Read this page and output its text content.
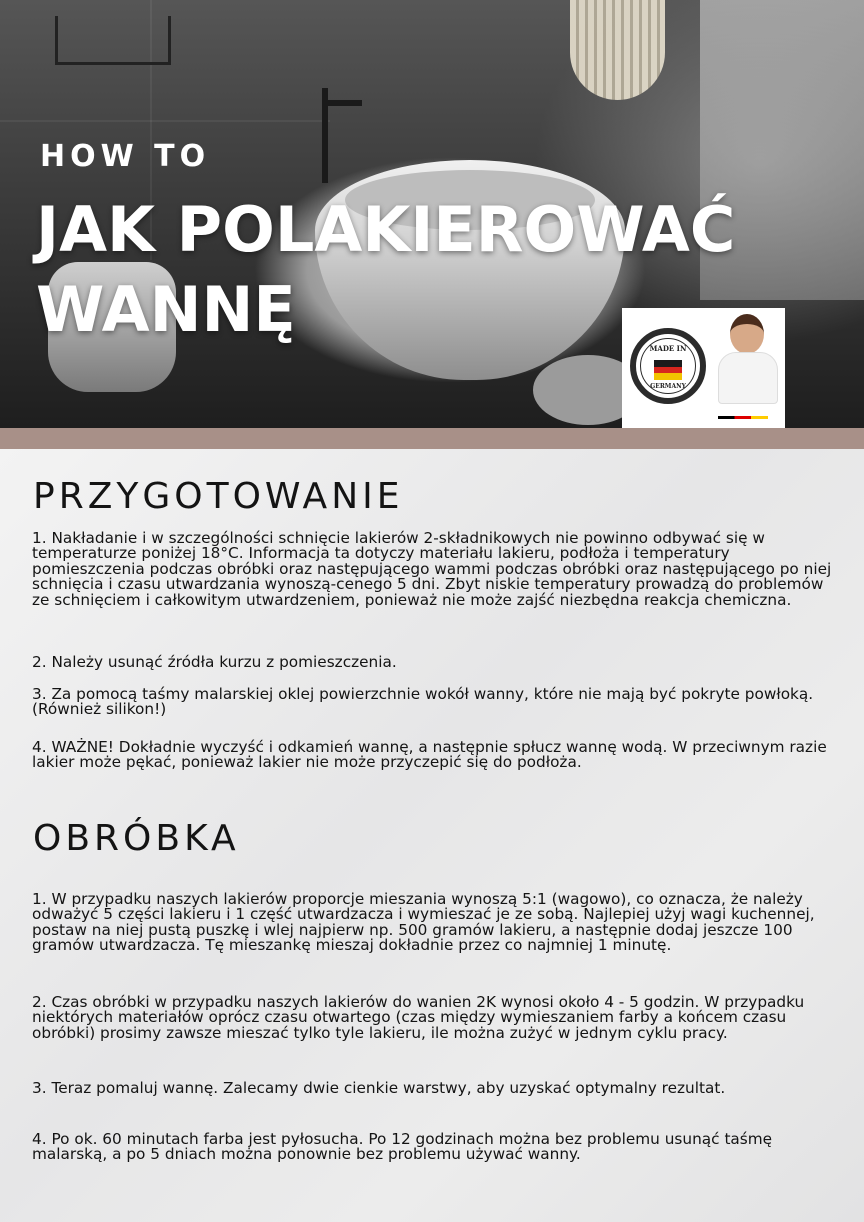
HOW TO

JAK POLAKIEROWAĆ WANNĘ
MADE IN
GERMANY
PRZYGOTOWANIE

1. Nakładanie i w szczególności schnięcie lakierów 2-składnikowych nie powinno odbywać się w temperaturze poniżej 18°C. Informacja ta dotyczy materiału lakieru, podłoża i temperatury pomieszczenia podczas obróbki oraz następującego wammi podczas obróbki oraz następującego po niej schnięcia i czasu utwardzania wynoszą-cenego 5 dni. Zbyt niskie temperatury prowadzą do problemów ze schnięciem i całkowitym utwardzeniem, ponieważ nie może zajść niezbędna reakcja chemiczna.

2. Należy usunąć źródła kurzu z pomieszczenia.

3. Za pomocą taśmy malarskiej oklej powierzchnie wokół wanny, które nie mają być pokryte powłoką. (Również silikon!)

4. WAŻNE! Dokładnie wyczyść i odkamień wannę, a następnie spłucz wannę wodą. W przeciwnym razie lakier może pękać, ponieważ lakier nie może przyczepić się do podłoża.

OBRÓBKA

1. W przypadku naszych lakierów proporcje mieszania wynoszą 5:1 (wagowo), co oznacza, że należy odważyć 5 części lakieru i 1 część utwardzacza i wymieszać je ze sobą. Najlepiej użyj wagi kuchennej, postaw na niej pustą puszkę i wlej najpierw np. 500 gramów lakieru, a następnie dodaj jeszcze 100 gramów utwardzacza. Tę mieszankę mieszaj dokładnie przez co najmniej 1 minutę.

2. Czas obróbki w przypadku naszych lakierów do wanien 2K wynosi około 4 - 5 godzin. W przypadku niektórych materiałów oprócz czasu otwartego (czas między wymieszaniem farby a końcem czasu obróbki) prosimy zawsze mieszać tylko tyle lakieru, ile można zużyć w jednym cyklu pracy.

3. Teraz pomaluj wannę. Zalecamy dwie cienkie warstwy, aby uzyskać optymalny rezultat.

4. Po ok. 60 minutach farba jest pyłosucha. Po 12 godzinach można bez problemu usunąć taśmę malarską, a po 5 dniach można ponownie bez problemu używać wanny.
